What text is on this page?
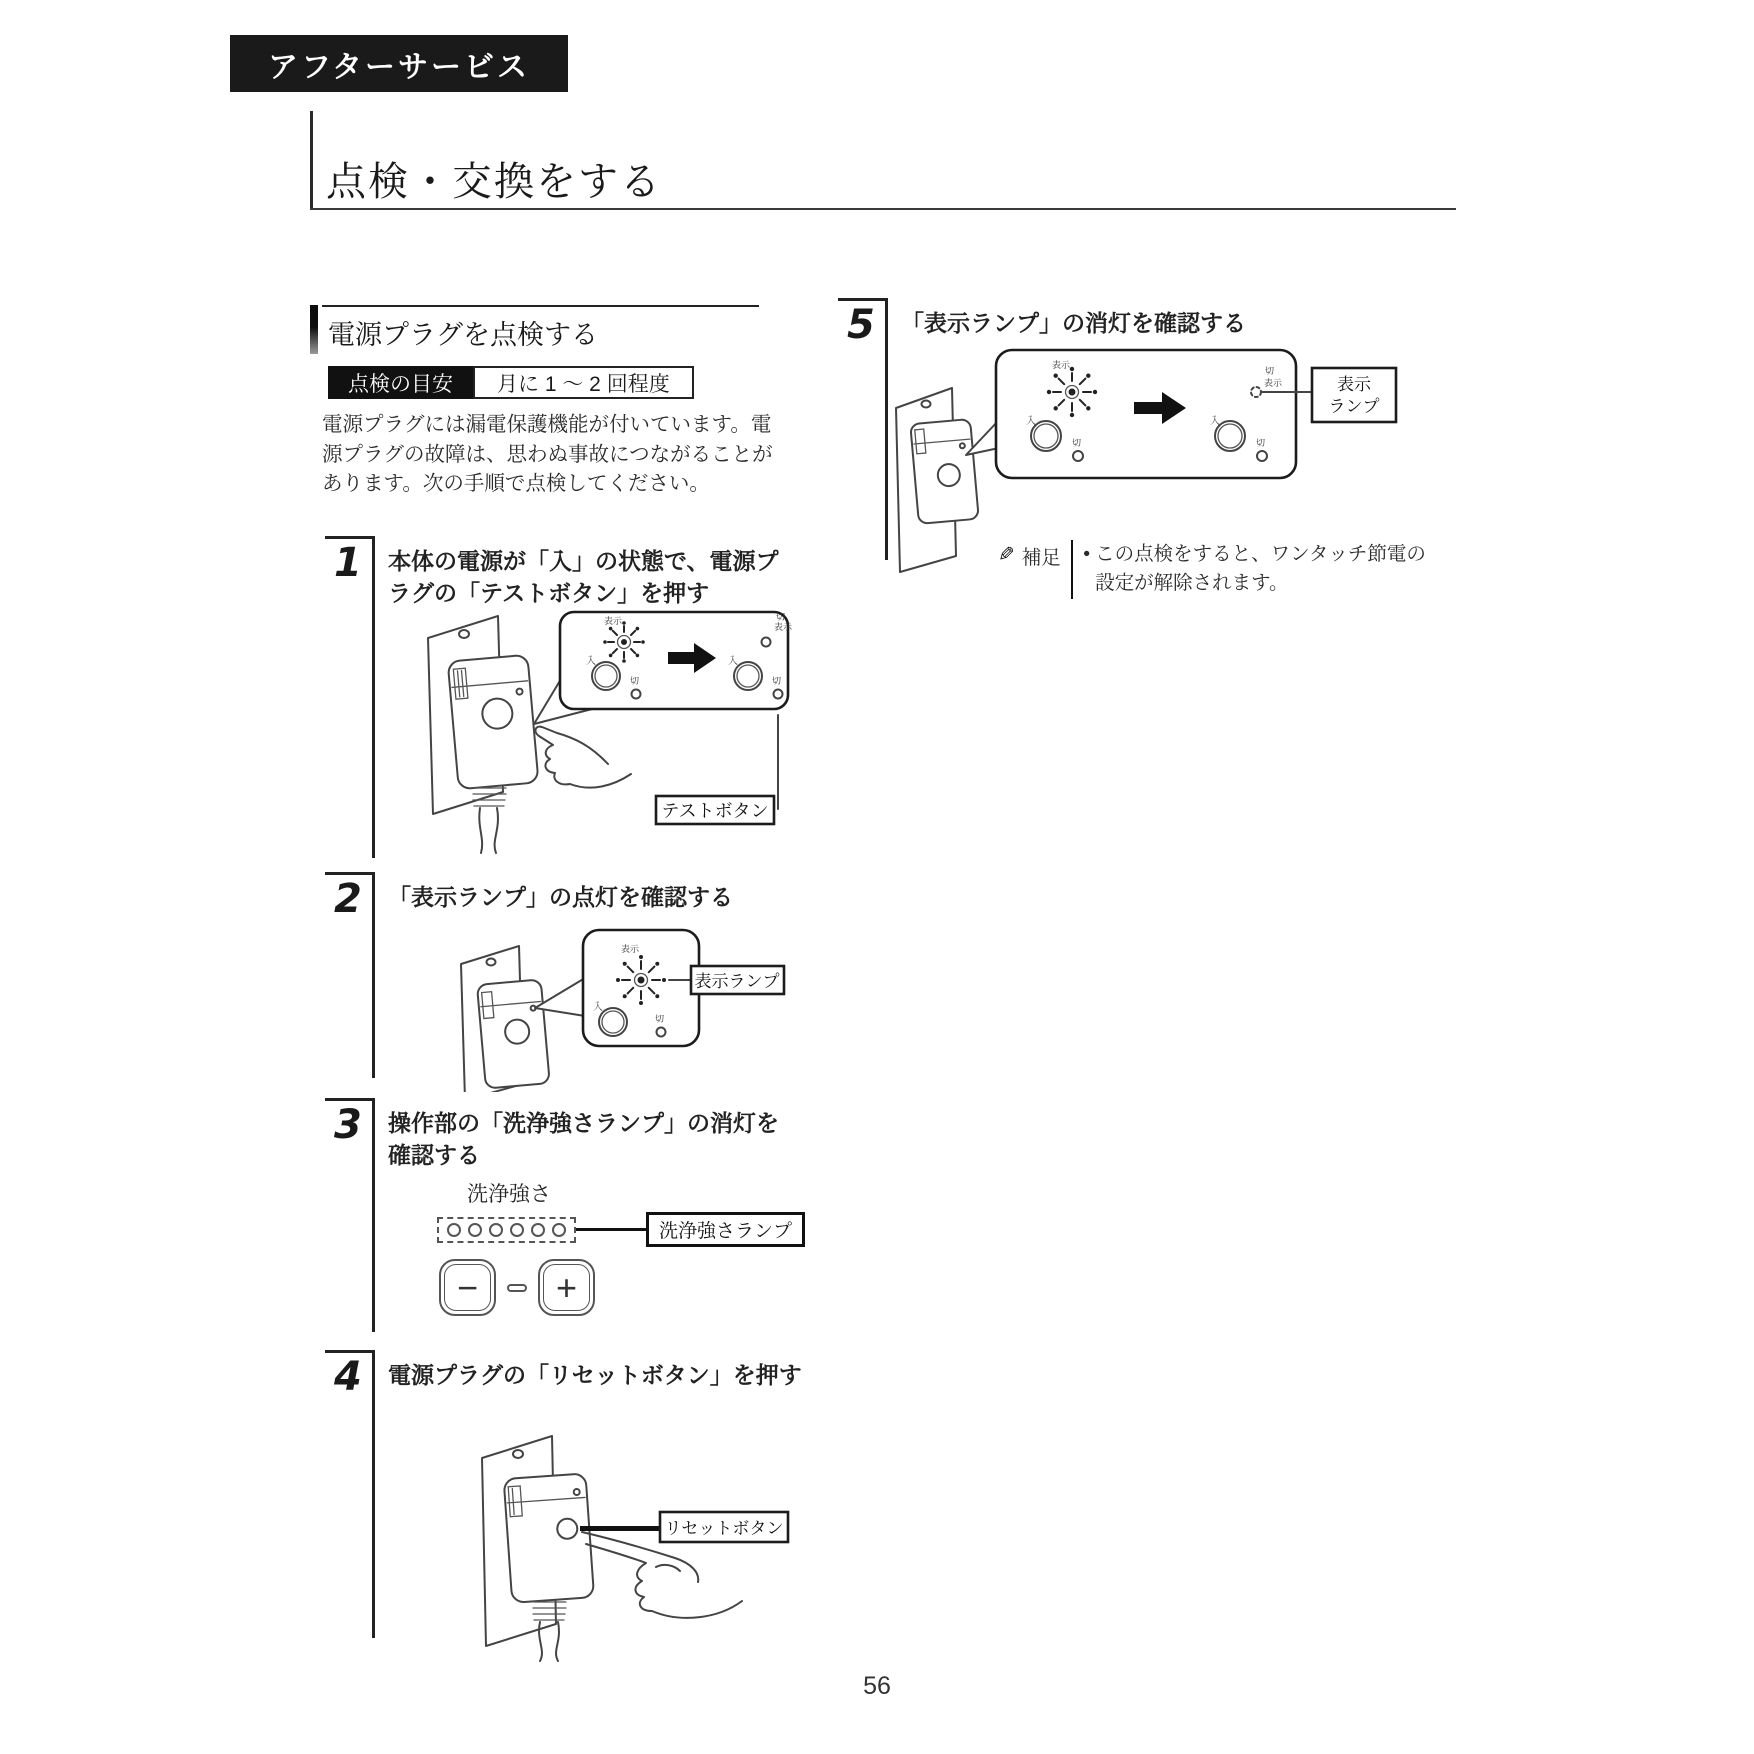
アフターサービス
点検・交換をする
電源プラグを点検する
点検の目安	月に 1 ～ 2 回程度

電源プラグには漏電保護機能が付いています。電源プラグの故障は、思わぬ事故につながることがあります。次の手順で点検してください。

1 本体の電源が「入」の状態で、電源プラグの「テストボタン」を押す
表示
入
切
表示
切
入
切
テストボタン
2 「表示ランプ」の点灯を確認する
表示
入
切
表示ランプ
3 操作部の「洗浄強さランプ」の消灯を確認する
洗浄強さ
洗浄強さランプ
− +
4 電源プラグの「リセットボタン」を押す
リセットボタン
5 「表示ランプ」の消灯を確認する
表示
入
切
切
表示
入
切
表示
ランプ
✎ 補足 • この点検をすると、ワンタッチ節電の設定が解除されます。
56
